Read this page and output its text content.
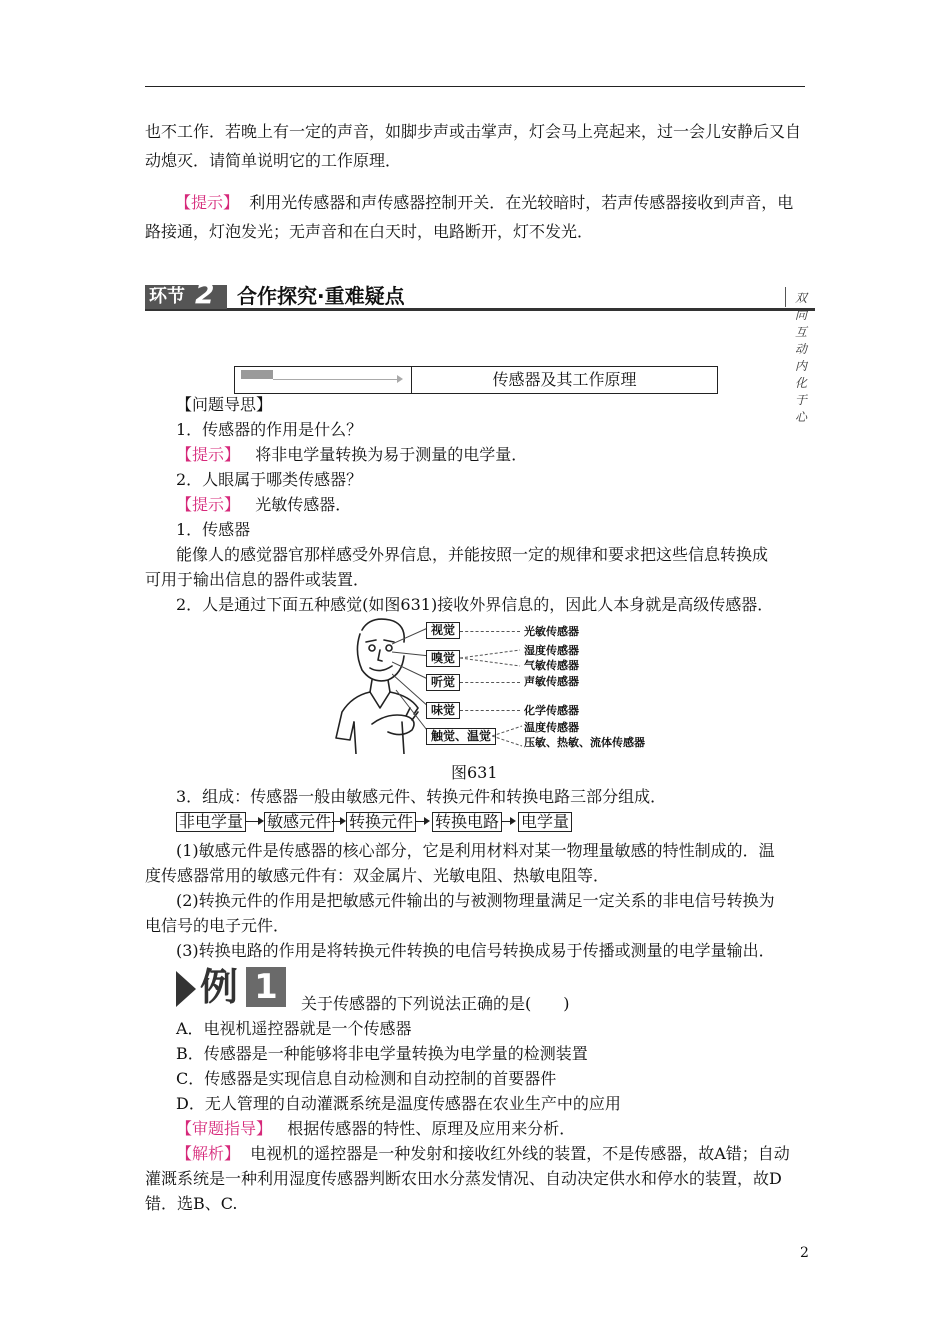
也不工作．若晚上有一定的声音，如脚步声或击掌声，灯会马上亮起来，过一会儿安静后又自
动熄灭．请简单说明它的工作原理．
【提示】 利用光传感器和声传感器控制开关．在光较暗时，若声传感器接收到声音，电
路接通，灯泡发光；无声音和在白天时，电路断开，灯不发光．
环节 2 合作探究·重难疑点	双向互动 内化于心
传感器及其工作原理
【问题导思】
1．传感器的作用是什么？
【提示】 将非电学量转换为易于测量的电学量．
2．人眼属于哪类传感器？
【提示】 光敏传感器．
1．传感器
能像人的感觉器官那样感受外界信息，并能按照一定的规律和要求把这些信息转换成
可用于输出信息的器件或装置．
2．人是通过下面五种感觉(如图631)接收外界信息的，因此人本身就是高级传感器．
视觉
嗅觉
听觉
味觉
触觉、温觉
光敏传感器
湿度传感器
气敏传感器
声敏传感器
化学传感器
温度传感器
压敏、热敏、流体传感器
图631
3．组成：传感器一般由敏感元件、转换元件和转换电路三部分组成．
非电学量 敏感元件 转换元件 转换电路 电学量
(1)敏感元件是传感器的核心部分，它是利用材料对某一物理量敏感的特性制成的．温
度传感器常用的敏感元件有：双金属片、光敏电阻、热敏电阻等．
(2)转换元件的作用是把敏感元件输出的与被测物理量满足一定关系的非电信号转换为
电信号的电子元件．
(3)转换电路的作用是将转换元件转换的电信号转换成易于传播或测量的电学量输出．
例 1	关于传感器的下列说法正确的是(　　)
A．电视机遥控器就是一个传感器
B．传感器是一种能够将非电学量转换为电学量的检测装置
C．传感器是实现信息自动检测和自动控制的首要器件
D．无人管理的自动灌溉系统是温度传感器在农业生产中的应用
【审题指导】 根据传感器的特性、原理及应用来分析．
【解析】 电视机的遥控器是一种发射和接收红外线的装置，不是传感器，故A错；自动
灌溉系统是一种利用湿度传感器判断农田水分蒸发情况、自动决定供水和停水的装置，故D
错．选B、C.
2
